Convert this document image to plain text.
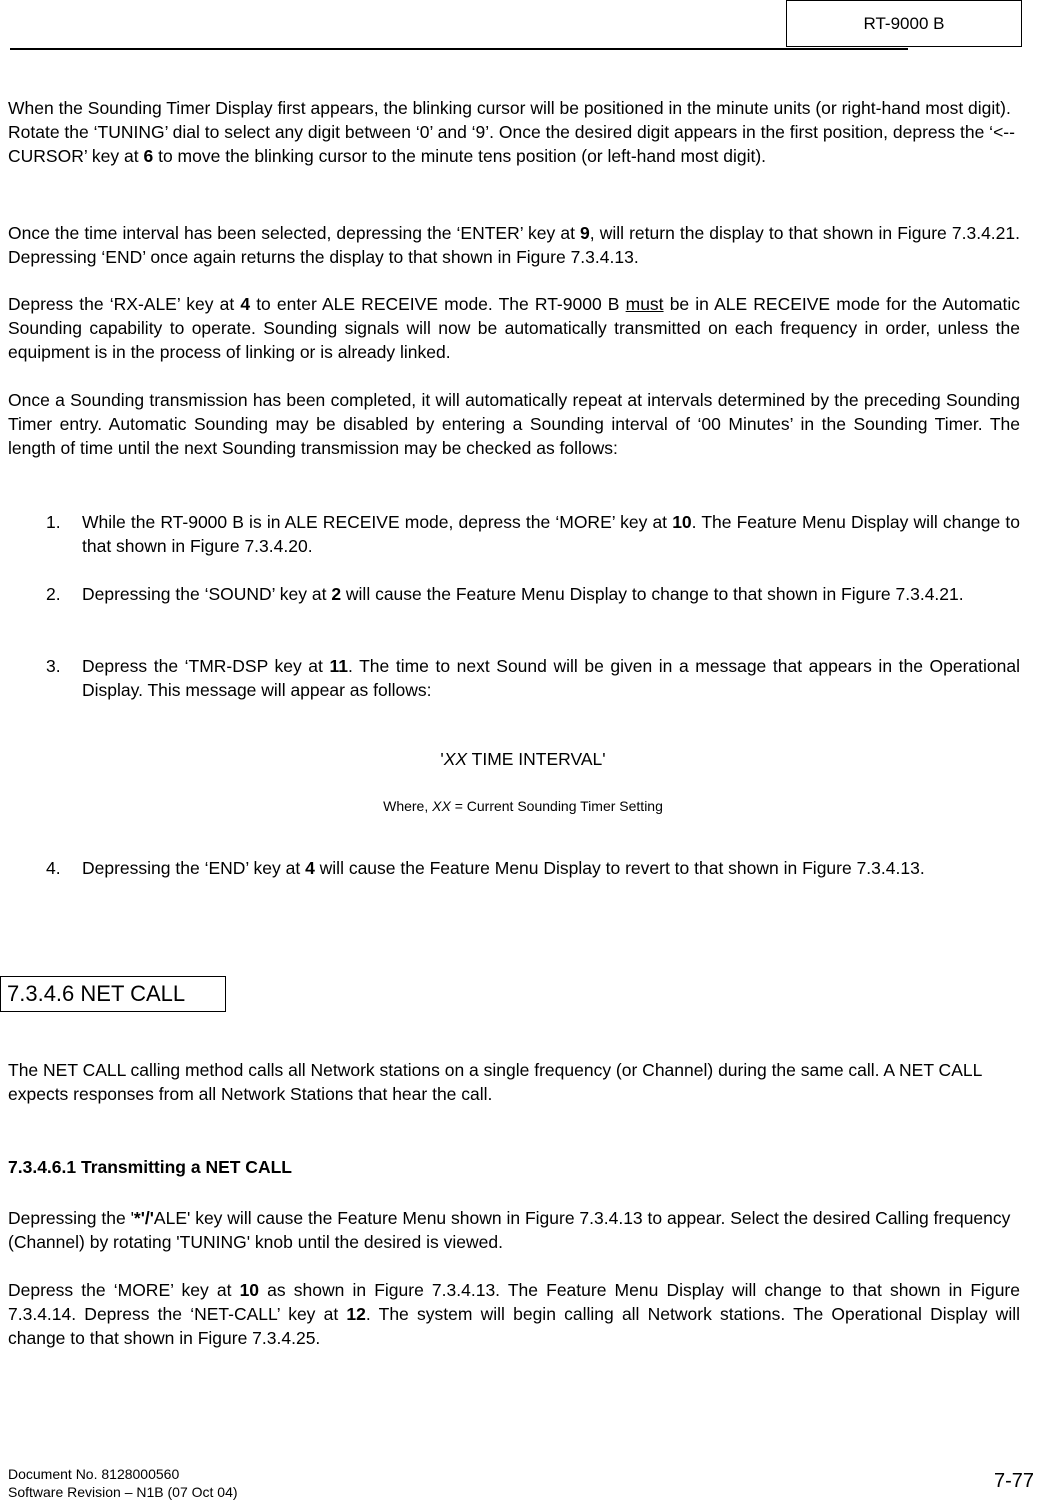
RT-9000 B

When the Sounding Timer Display first appears, the blinking cursor will be positioned in the minute units (or right-hand most digit). Rotate the ‘TUNING’ dial to select any digit between ‘0’ and ‘9’. Once the desired digit appears in the first position, depress the ‘<-- CURSOR’ key at 6 to move the blinking cursor to the minute tens position (or left-hand most digit).

Once the time interval has been selected, depressing the ‘ENTER’ key at 9, will return the display to that shown in Figure 7.3.4.21. Depressing ‘END’ once again returns the display to that shown in Figure 7.3.4.13.

Depress the ‘RX-ALE’ key at 4 to enter ALE RECEIVE mode. The RT-9000 B must be in ALE RECEIVE mode for the Automatic Sounding capability to operate. Sounding signals will now be automatically transmitted on each frequency in order, unless the equipment is in the process of linking or is already linked.

Once a Sounding transmission has been completed, it will automatically repeat at intervals determined by the preceding Sounding Timer entry. Automatic Sounding may be disabled by entering a Sounding interval of ‘00 Minutes’ in the Sounding Timer. The length of time until the next Sounding transmission may be checked as follows:

1. While the RT-9000 B is in ALE RECEIVE mode, depress the ‘MORE’ key at 10. The Feature Menu Display will change to that shown in Figure 7.3.4.20.
2. Depressing the ‘SOUND’ key at 2 will cause the Feature Menu Display to change to that shown in Figure 7.3.4.21.
3. Depress the ‘TMR-DSP key at 11. The time to next Sound will be given in a message that appears in the Operational Display. This message will appear as follows:
'XX TIME INTERVAL'
Where, XX = Current Sounding Timer Setting
4. Depressing the ‘END’ key at 4 will cause the Feature Menu Display to revert to that shown in Figure 7.3.4.13.
7.3.4.6 NET CALL

The NET CALL calling method calls all Network stations on a single frequency (or Channel) during the same call. A NET CALL expects responses from all Network Stations that hear the call.

7.3.4.6.1 Transmitting a NET CALL

Depressing the '*'/'ALE' key will cause the Feature Menu shown in Figure 7.3.4.13 to appear. Select the desired Calling frequency (Channel) by rotating 'TUNING' knob until the desired is viewed.

Depress the ‘MORE’ key at 10 as shown in Figure 7.3.4.13. The Feature Menu Display will change to that shown in Figure 7.3.4.14. Depress the ‘NET-CALL’ key at 12. The system will begin calling all Network stations. The Operational Display will change to that shown in Figure 7.3.4.25.

Document No. 8128000560
Software Revision – N1B (07 Oct 04)	7-77
